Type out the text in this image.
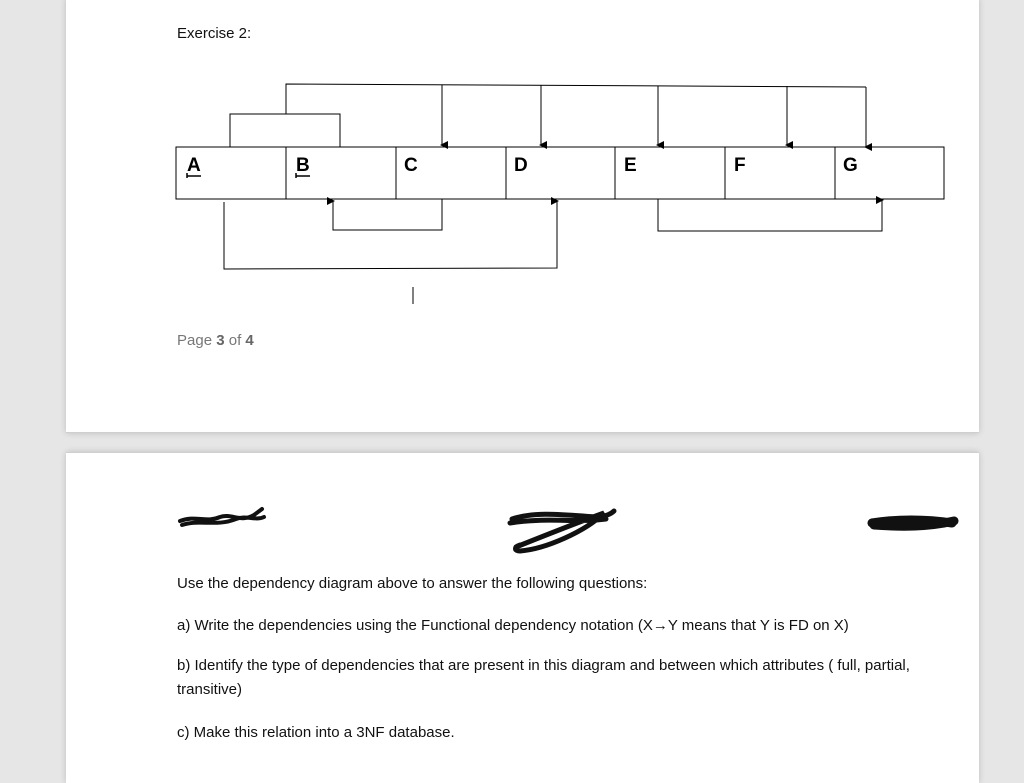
Exercise 2:
A	B	C	D	E	F	G
Page 3 of 4
Use the dependency diagram above to answer the following questions:
a) Write the dependencies using the Functional dependency notation (X→Y means that Y is FD on X)
b) Identify the type of dependencies that are present in this diagram and between which attributes ( full, partial, transitive)
c) Make this relation into a 3NF database.
